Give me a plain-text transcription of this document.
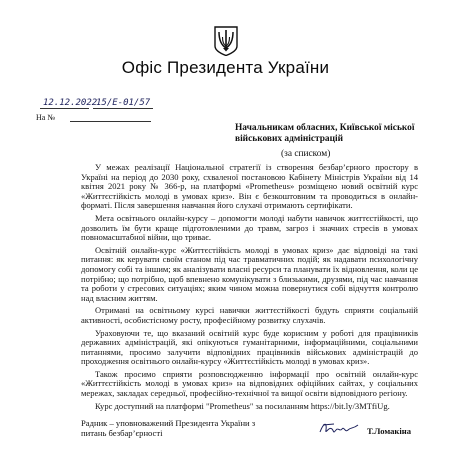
Офіс Президента України
12.12.2022
15/Е-01/57
На №
Начальникам обласних, Київської міської військових адміністрацій
(за списком)

У межах реалізації Національної стратегії із створення безбар’єрного простору в Україні на період до 2030 року, схваленої постановою Кабінету Міністрів України від 14 квітня 2021 року № 366-р, на платформі «Prometheus» розміщено новий освітній курс «Життєстійкість молоді в умовах криз». Він є безкоштовним та проводиться в онлайн-форматі. Після завершення навчання його слухачі отримають сертифікати.

Мета освітнього онлайн-курсу – допомогти молоді набути навичок життєстійкості, що дозволить їм бути краще підготовленими до травм, загроз і значних стресів в умовах повномасштабної війни, що триває.

Освітній онлайн-курс «Життєстійкість молоді в умовах криз» дає відповіді на такі питання: як керувати своїм станом під час травматичних подій; як надавати психологічну допомогу собі та іншим; як аналізувати власні ресурси та планувати їх відновлення, коли це потрібно; що потрібно, щоб впевнено комунікувати з близькими, друзями, під час навчання та роботи у стресових ситуаціях; яким чином можна повернутися собі відчуття контролю над власним життям.

Отримані на освітньому курсі навички життєстійкості будуть сприяти соціальній активності, особистісному росту, професійному розвитку слухачів.

Ураховуючи те, що вказаний освітній курс буде корисним у роботі для працівників державних адміністрацій, які опікуються гуманітарними, інформаційними, соціальними питаннями, просимо залучити відповідних працівників військових адміністрацій до проходження освітнього онлайн-курсу «Життєстійкість молоді в умовах криз».

Також просимо сприяти розповсюдженню інформації про освітній онлайн-курс «Життєстійкість молоді в умовах криз» на відповідних офіційних сайтах, у соціальних мережах, закладах середньої, професійно-технічної та вищої освіти відповідного регіону.

Курс доступний на платформі "Prometheus" за посиланням https://bit.ly/3MTfiUg.

Радник – уповноважений Президента України з питань безбар’єрності	Т.Ломакіна
